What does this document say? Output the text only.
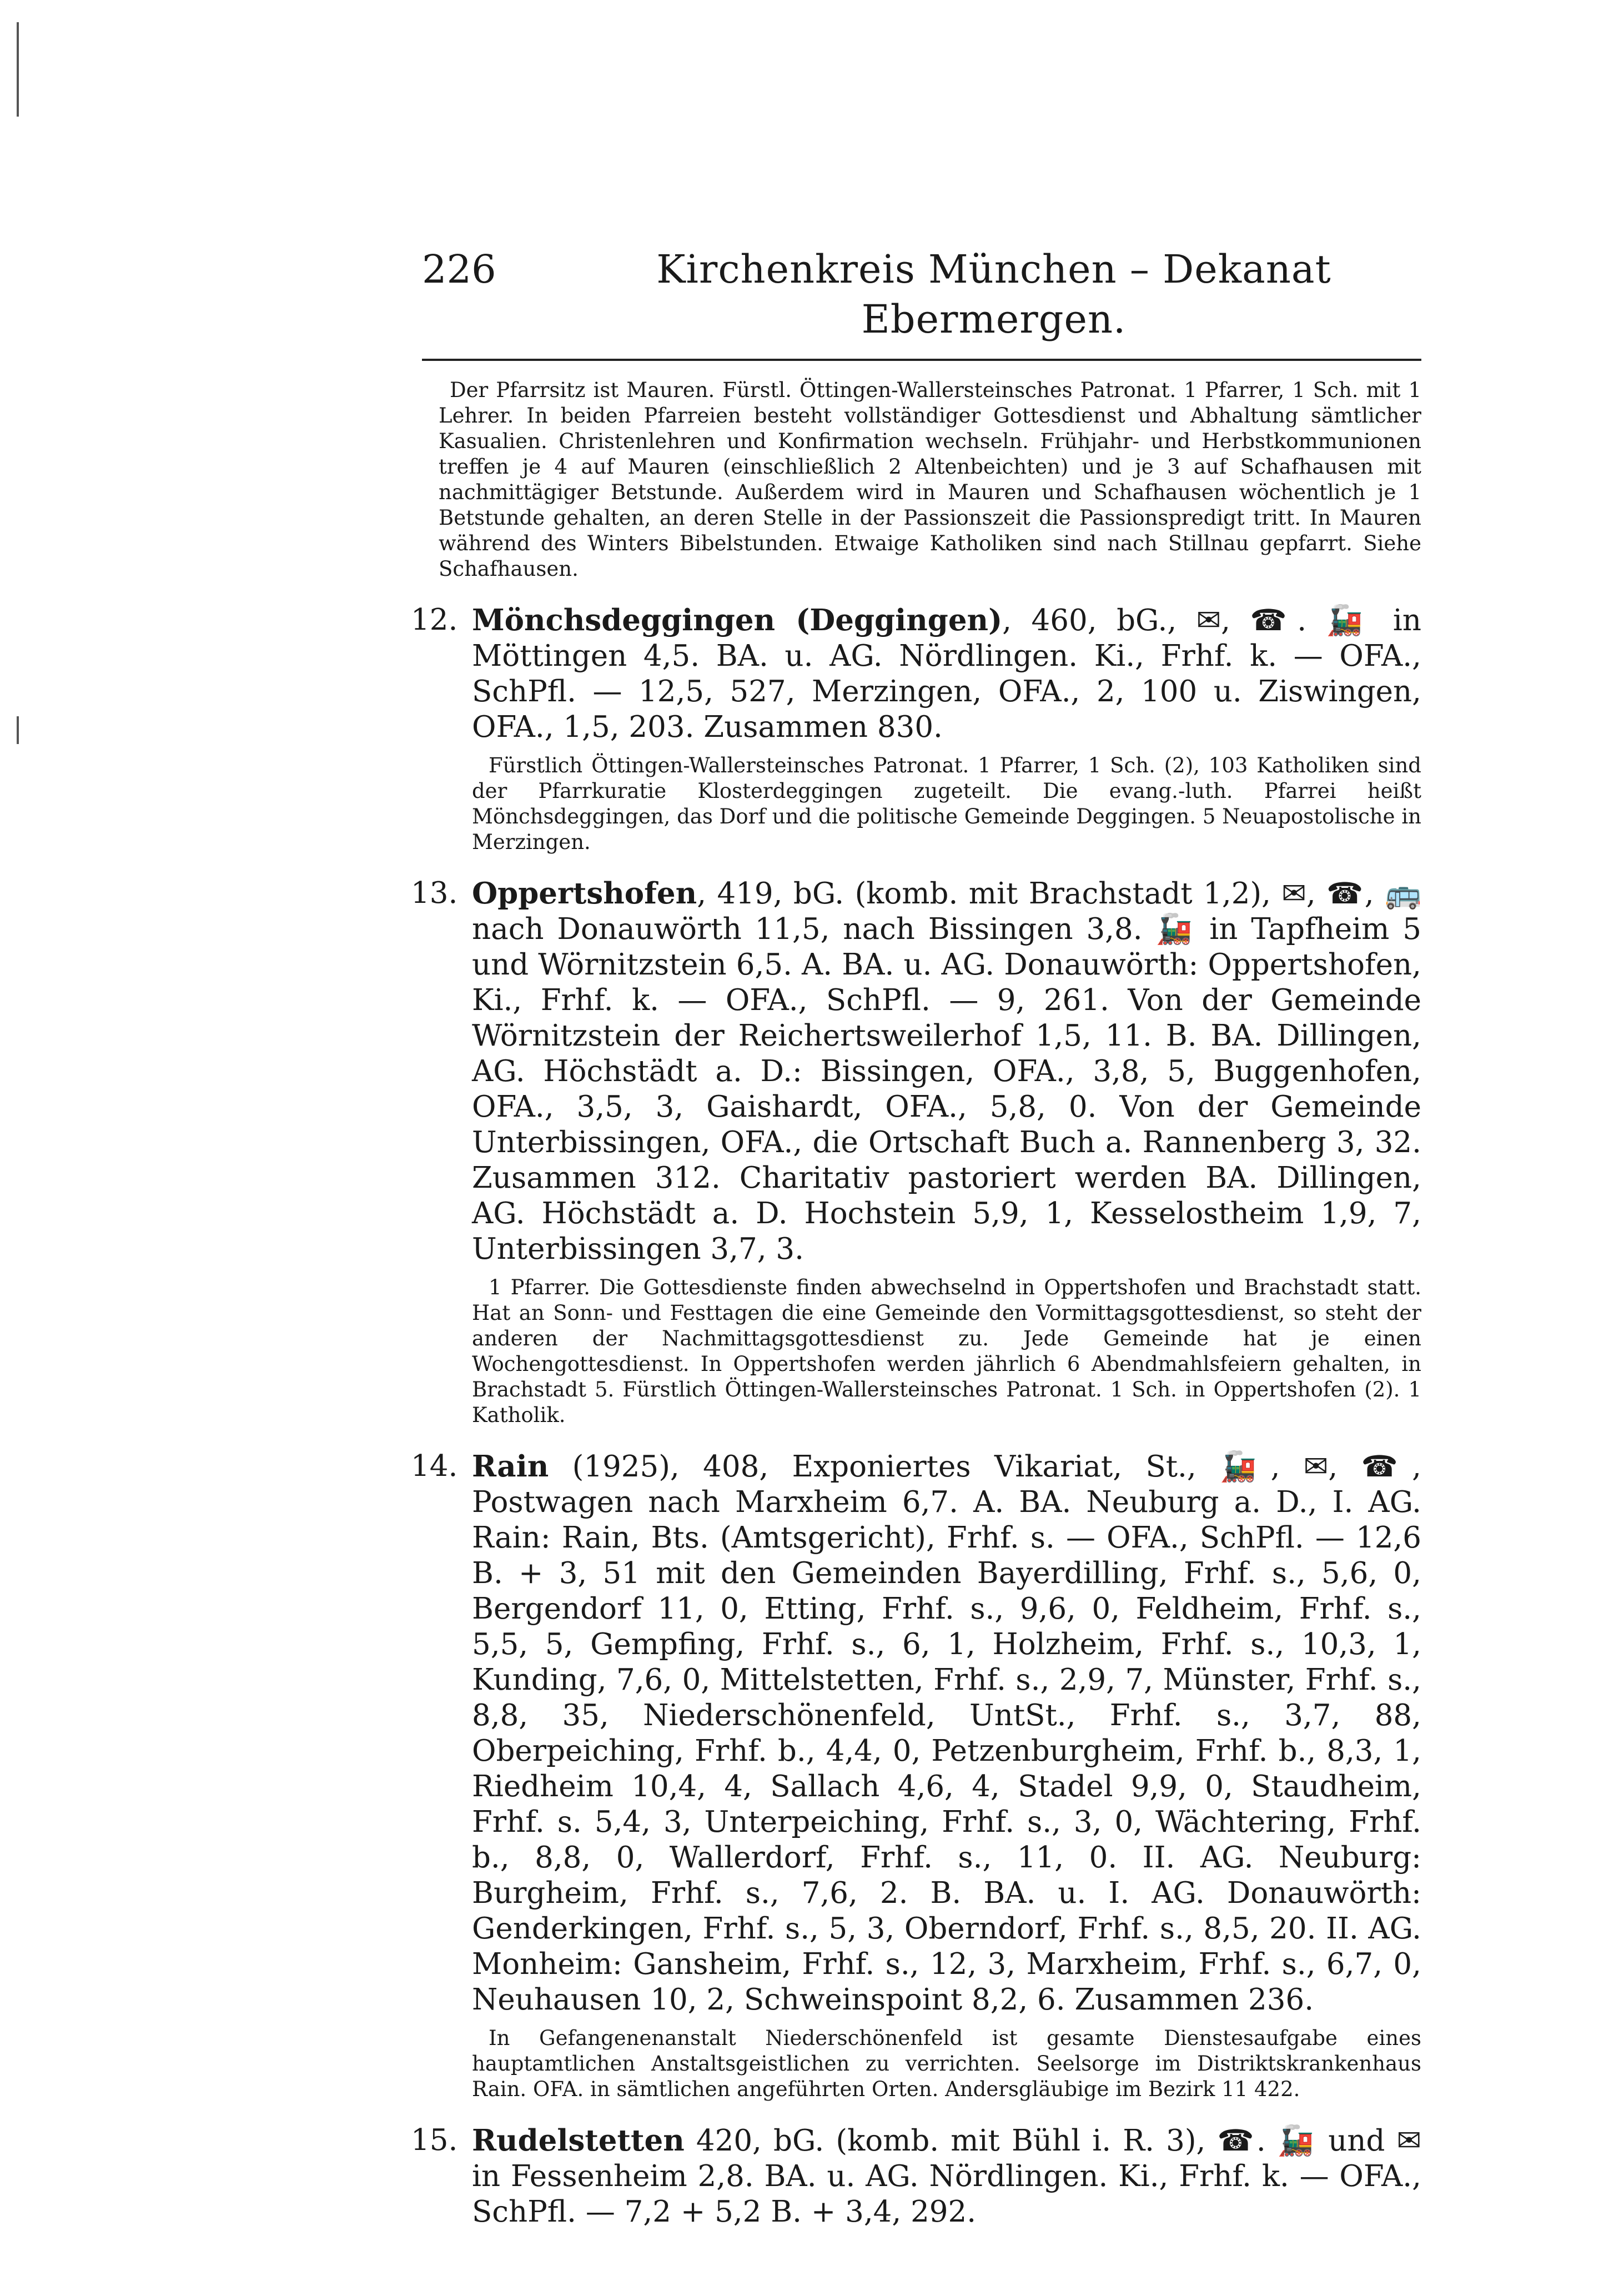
226	Kirchenkreis München – Dekanat Ebermergen.

Der Pfarrsitz ist Mauren. Fürstl. Öttingen-Wallersteinsches Patronat. 1 Pfarrer, 1 Sch. mit 1 Lehrer. In beiden Pfarreien besteht vollständiger Gottesdienst und Abhaltung sämtlicher Kasualien. Christenlehren und Konfirmation wechseln. Frühjahr- und Herbstkommunionen treffen je 4 auf Mauren (einschließlich 2 Altenbeichten) und je 3 auf Schafhausen mit nachmittägiger Betstunde. Außerdem wird in Mauren und Schafhausen wöchentlich je 1 Betstunde gehalten, an deren Stelle in der Passionszeit die Passionspredigt tritt. In Mauren während des Winters Bibelstunden. Etwaige Katholiken sind nach Stillnau gepfarrt. Siehe Schafhausen.

12. Mönchsdeggingen (Deggingen), 460, bG., ✉, ☎. 🚂 in Möttingen 4,5. BA. u. AG. Nördlingen. Ki., Frhf. k. — OFA., SchPfl. — 12,5, 527, Merzingen, OFA., 2, 100 u. Ziswingen, OFA., 1,5, 203. Zusammen 830.

Fürstlich Öttingen-Wallersteinsches Patronat. 1 Pfarrer, 1 Sch. (2), 103 Katholiken sind der Pfarrkuratie Klosterdeggingen zugeteilt. Die evang.-luth. Pfarrei heißt Mönchsdeggingen, das Dorf und die politische Gemeinde Deggingen. 5 Neuapostolische in Merzingen.

13. Oppertshofen, 419, bG. (komb. mit Brachstadt 1,2), ✉, ☎, 🚌 nach Donauwörth 11,5, nach Bissingen 3,8. 🚂 in Tapfheim 5 und Wörnitzstein 6,5. A. BA. u. AG. Donauwörth: Oppertshofen, Ki., Frhf. k. — OFA., SchPfl. — 9, 261. Von der Gemeinde Wörnitzstein der Reichertsweilerhof 1,5, 11. B. BA. Dillingen, AG. Höchstädt a. D.: Bissingen, OFA., 3,8, 5, Buggenhofen, OFA., 3,5, 3, Gaishardt, OFA., 5,8, 0. Von der Gemeinde Unterbissingen, OFA., die Ortschaft Buch a. Rannenberg 3, 32. Zusammen 312. Charitativ pastoriert werden BA. Dillingen, AG. Höchstädt a. D. Hochstein 5,9, 1, Kesselostheim 1,9, 7, Unterbissingen 3,7, 3.

1 Pfarrer. Die Gottesdienste finden abwechselnd in Oppertshofen und Brachstadt statt. Hat an Sonn- und Festtagen die eine Gemeinde den Vormittagsgottesdienst, so steht der anderen der Nachmittagsgottesdienst zu. Jede Gemeinde hat je einen Wochengottesdienst. In Oppertshofen werden jährlich 6 Abendmahlsfeiern gehalten, in Brachstadt 5. Fürstlich Öttingen-Wallersteinsches Patronat. 1 Sch. in Oppertshofen (2). 1 Katholik.

14. Rain (1925), 408, Exponiertes Vikariat, St., 🚂, ✉, ☎, Postwagen nach Marxheim 6,7. A. BA. Neuburg a. D., I. AG. Rain: Rain, Bts. (Amtsgericht), Frhf. s. — OFA., SchPfl. — 12,6 B. + 3, 51 mit den Gemeinden Bayerdilling, Frhf. s., 5,6, 0, Bergendorf 11, 0, Etting, Frhf. s., 9,6, 0, Feldheim, Frhf. s., 5,5, 5, Gempfing, Frhf. s., 6, 1, Holzheim, Frhf. s., 10,3, 1, Kunding, 7,6, 0, Mittelstetten, Frhf. s., 2,9, 7, Münster, Frhf. s., 8,8, 35, Niederschönenfeld, UntSt., Frhf. s., 3,7, 88, Oberpeiching, Frhf. b., 4,4, 0, Petzenburgheim, Frhf. b., 8,3, 1, Riedheim 10,4, 4, Sallach 4,6, 4, Stadel 9,9, 0, Staudheim, Frhf. s. 5,4, 3, Unterpeiching, Frhf. s., 3, 0, Wächtering, Frhf. b., 8,8, 0, Wallerdorf, Frhf. s., 11, 0. II. AG. Neuburg: Burgheim, Frhf. s., 7,6, 2. B. BA. u. I. AG. Donauwörth: Genderkingen, Frhf. s., 5, 3, Oberndorf, Frhf. s., 8,5, 20. II. AG. Monheim: Gansheim, Frhf. s., 12, 3, Marxheim, Frhf. s., 6,7, 0, Neuhausen 10, 2, Schweinspoint 8,2, 6. Zusammen 236.

In Gefangenenanstalt Niederschönenfeld ist gesamte Dienstesaufgabe eines hauptamtlichen Anstaltsgeistlichen zu verrichten. Seelsorge im Distriktskrankenhaus Rain. OFA. in sämtlichen angeführten Orten. Andersgläubige im Bezirk 11 422.

15. Rudelstetten 420, bG. (komb. mit Bühl i. R. 3), ☎. 🚂 und ✉ in Fessenheim 2,8. BA. u. AG. Nördlingen. Ki., Frhf. k. — OFA., SchPfl. — 7,2 + 5,2 B. + 3,4, 292.
